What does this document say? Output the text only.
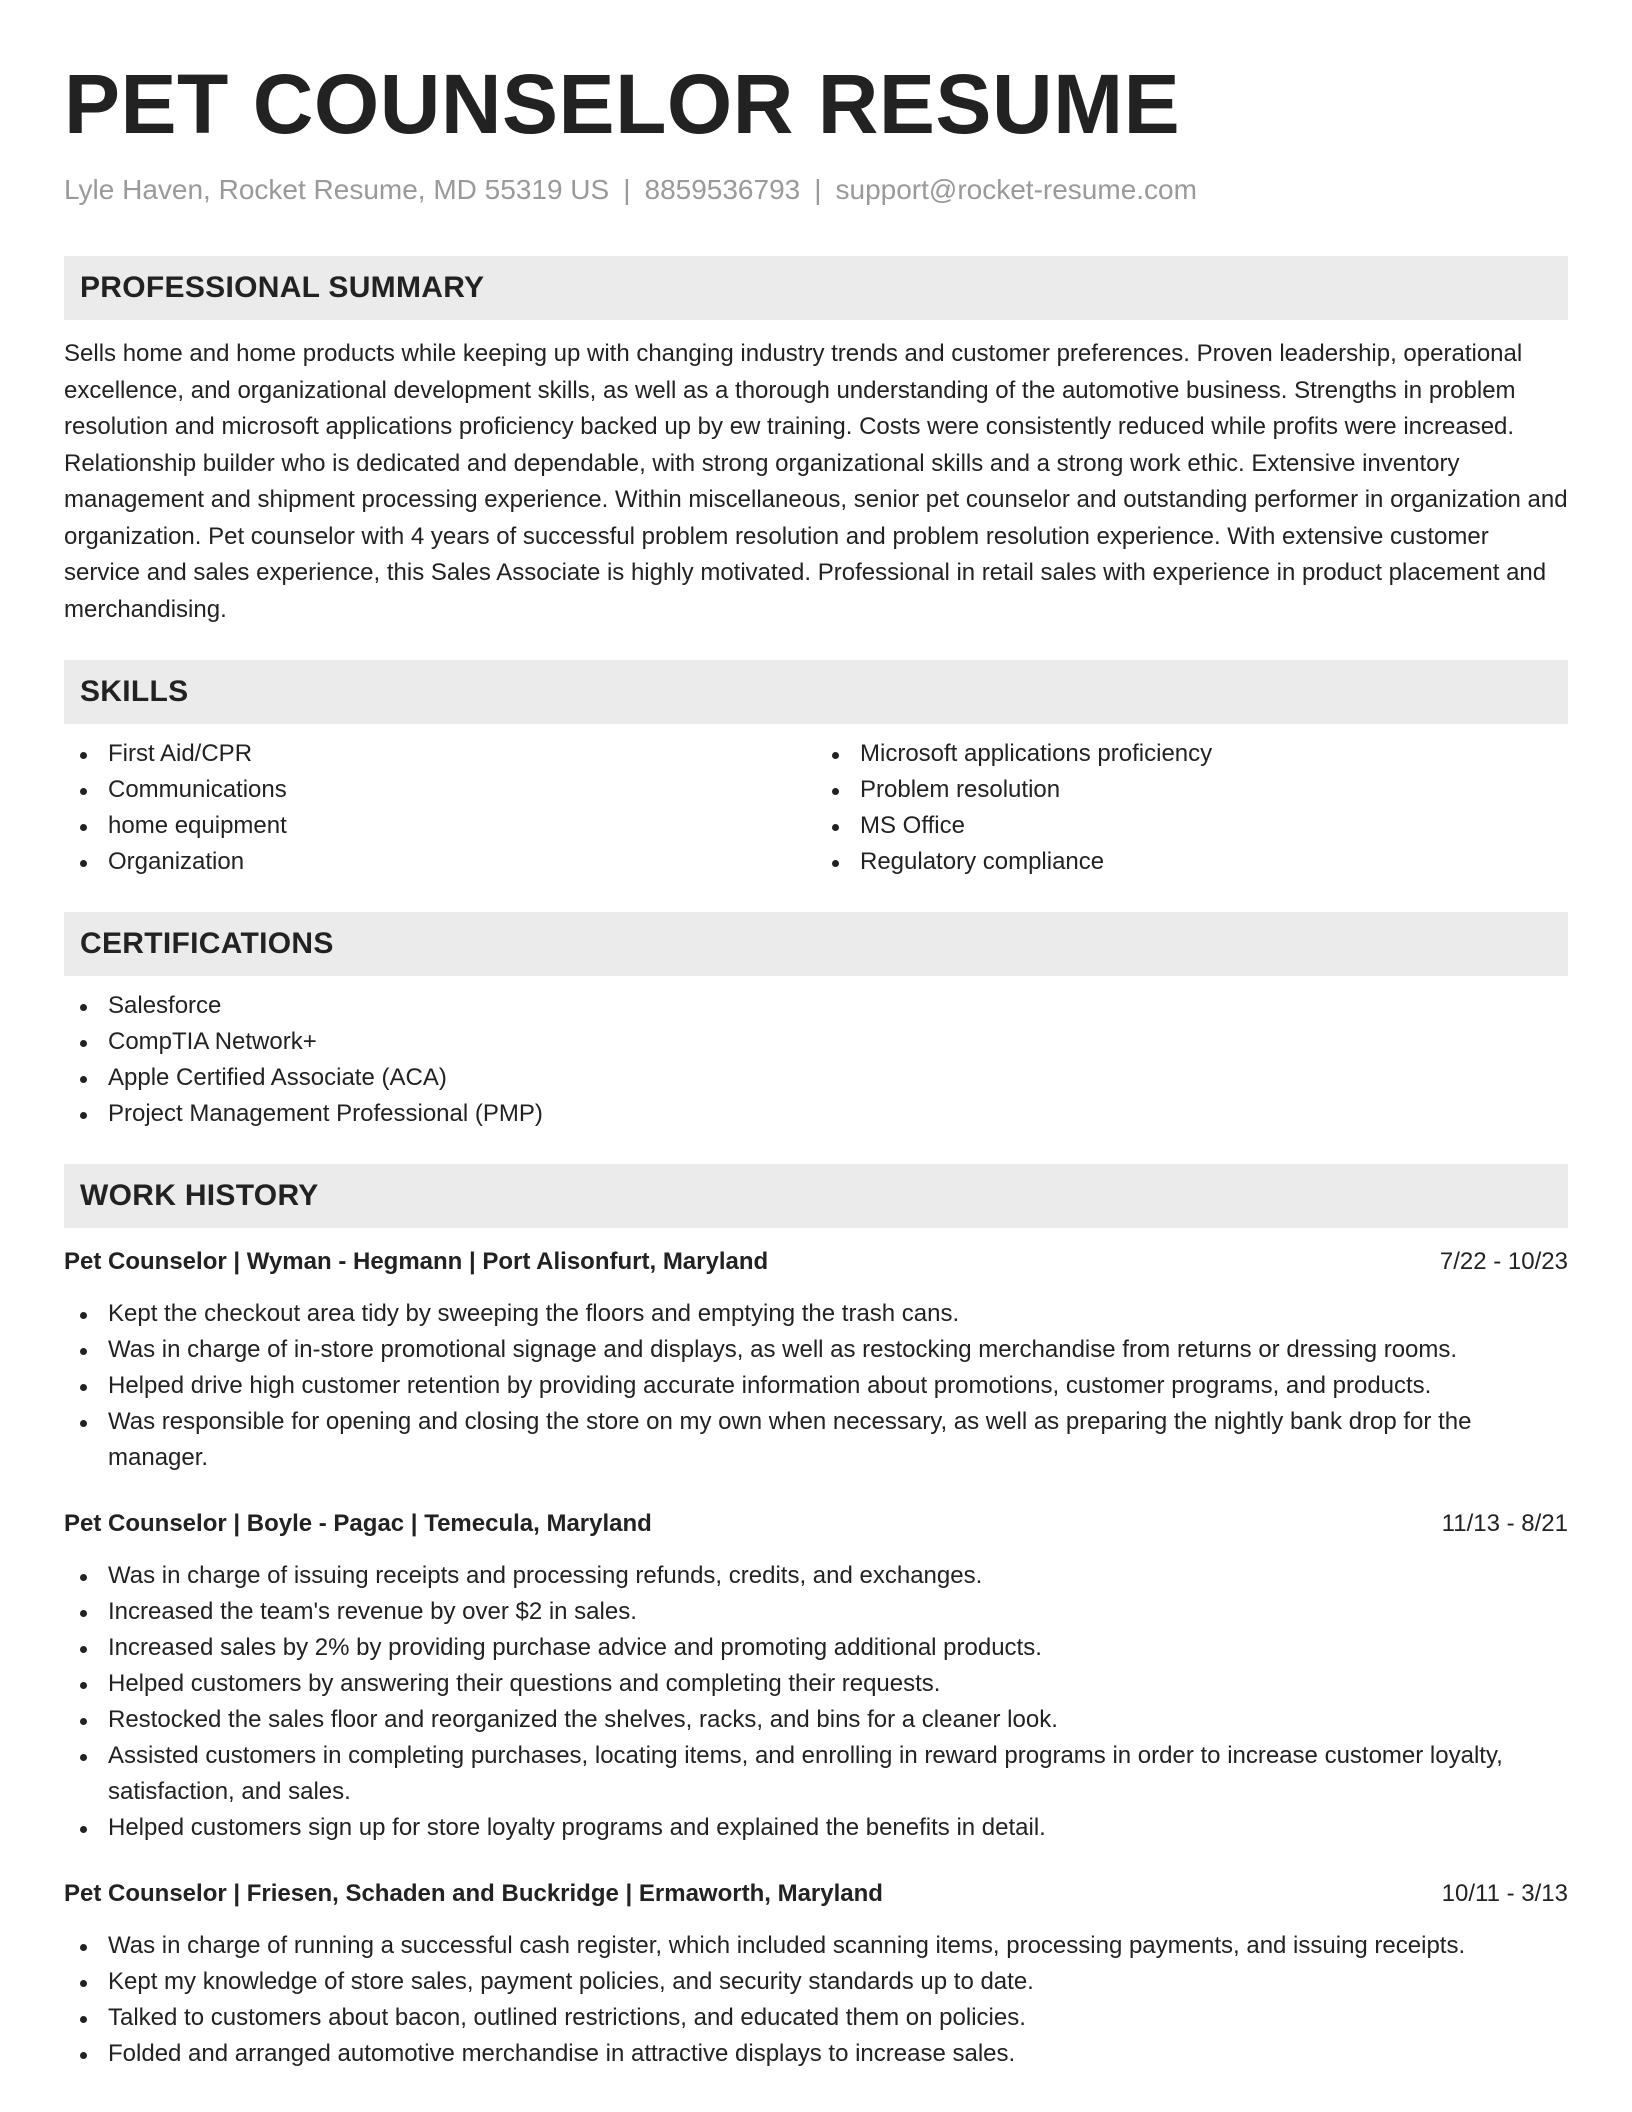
PET COUNSELOR RESUME
Lyle Haven, Rocket Resume, MD 55319 US | 8859536793 | support@rocket-resume.com
PROFESSIONAL SUMMARY

Sells home and home products while keeping up with changing industry trends and customer preferences. Proven leadership, operational excellence, and organizational development skills, as well as a thorough understanding of the automotive business. Strengths in problem resolution and microsoft applications proficiency backed up by ew training. Costs were consistently reduced while profits were increased. Relationship builder who is dedicated and dependable, with strong organizational skills and a strong work ethic. Extensive inventory management and shipment processing experience. Within miscellaneous, senior pet counselor and outstanding performer in organization and organization. Pet counselor with 4 years of successful problem resolution and problem resolution experience. With extensive customer service and sales experience, this Sales Associate is highly motivated. Professional in retail sales with experience in product placement and merchandising.

SKILLS
First Aid/CPR
Communications
home equipment
Organization
Microsoft applications proficiency
Problem resolution
MS Office
Regulatory compliance
CERTIFICATIONS
Salesforce
CompTIA Network+
Apple Certified Associate (ACA)
Project Management Professional (PMP)
WORK HISTORY
Pet Counselor | Wyman - Hegmann | Port Alisonfurt, Maryland	7/22 - 10/23
Kept the checkout area tidy by sweeping the floors and emptying the trash cans.
Was in charge of in-store promotional signage and displays, as well as restocking merchandise from returns or dressing rooms.
Helped drive high customer retention by providing accurate information about promotions, customer programs, and products.
Was responsible for opening and closing the store on my own when necessary, as well as preparing the nightly bank drop for the manager.
Pet Counselor | Boyle - Pagac | Temecula, Maryland	11/13 - 8/21
Was in charge of issuing receipts and processing refunds, credits, and exchanges.
Increased the team's revenue by over $2 in sales.
Increased sales by 2% by providing purchase advice and promoting additional products.
Helped customers by answering their questions and completing their requests.
Restocked the sales floor and reorganized the shelves, racks, and bins for a cleaner look.
Assisted customers in completing purchases, locating items, and enrolling in reward programs in order to increase customer loyalty, satisfaction, and sales.
Helped customers sign up for store loyalty programs and explained the benefits in detail.
Pet Counselor | Friesen, Schaden and Buckridge | Ermaworth, Maryland	10/11 - 3/13
Was in charge of running a successful cash register, which included scanning items, processing payments, and issuing receipts.
Kept my knowledge of store sales, payment policies, and security standards up to date.
Talked to customers about bacon, outlined restrictions, and educated them on policies.
Folded and arranged automotive merchandise in attractive displays to increase sales.
